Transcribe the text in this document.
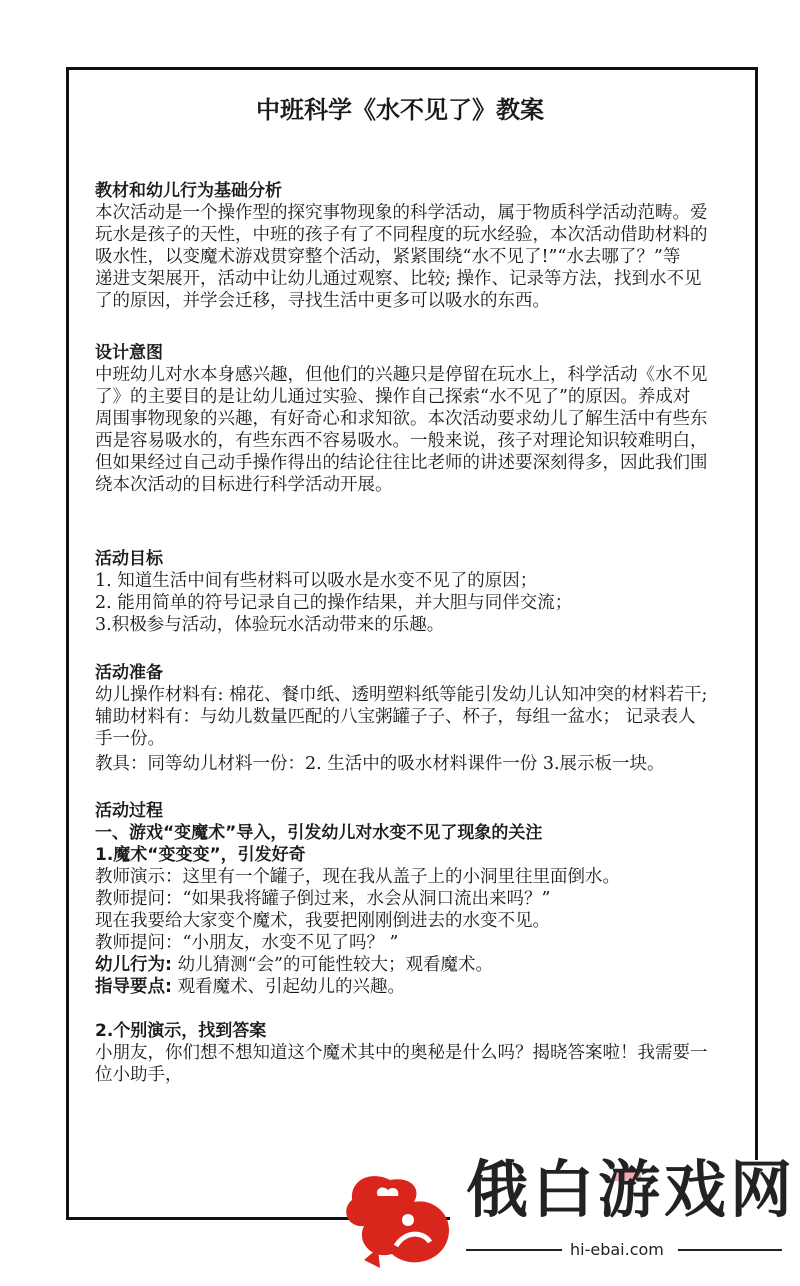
中班科学《水不见了》教案
教材和幼儿行为基础分析
本次活动是一个操作型的探究事物现象的科学活动，属于物质科学活动范畴。爱
玩水是孩子的天性，中班的孩子有了不同程度的玩水经验，本次活动借助材料的
吸水性，以变魔术游戏贯穿整个活动，紧紧围绕“水不见了!”“水去哪了？”等
递进支架展开，活动中让幼儿通过观察、比较; 操作、记录等方法，找到水不见
了的原因，并学会迁移，寻找生活中更多可以吸水的东西。
设计意图
中班幼儿对水本身感兴趣，但他们的兴趣只是停留在玩水上，科学活动《水不见
了》的主要目的是让幼儿通过实验、操作自己探索“水不见了”的原因。养成对
周围事物现象的兴趣，有好奇心和求知欲。本次活动要求幼儿了解生活中有些东
西是容易吸水的，有些东西不容易吸水。一般来说，孩子对理论知识较难明白，
但如果经过自己动手操作得出的结论往往比老师的讲述要深刻得多，因此我们围
绕本次活动的目标进行科学活动开展。
活动目标
1. 知道生活中间有些材料可以吸水是水变不见了的原因；
2. 能用简单的符号记录自己的操作结果，并大胆与同伴交流；
3.积极参与活动，体验玩水活动带来的乐趣。
活动准备
幼儿操作材料有: 棉花、餐巾纸、透明塑料纸等能引发幼儿认知冲突的材料若干;
辅助材料有：与幼儿数量匹配的八宝粥罐子子、杯子，每组一盆水； 记录表人
手一份。
教具：同等幼儿材料一份：2. 生活中的吸水材料课件一份 3.展示板一块。
活动过程
一、游戏“变魔术”导入，引发幼儿对水变不见了现象的关注
1.魔术“变变变”，引发好奇
教师演示：这里有一个罐子，现在我从盖子上的小洞里往里面倒水。
教师提问：“如果我将罐子倒过来，水会从洞口流出来吗？”
现在我要给大家变个魔术，我要把刚刚倒进去的水变不见。
教师提问：“小朋友，水变不见了吗？ ”
幼儿行为: 幼儿猜测“会”的可能性较大；观看魔术。
指导要点: 观看魔术、引起幼儿的兴趣。
2.个别演示，找到答案
小朋友，你们想不想知道这个魔术其中的奥秘是什么吗？揭晓答案啦！我需要一
位小助手，
俄白游戏网
hi-ebai.com
